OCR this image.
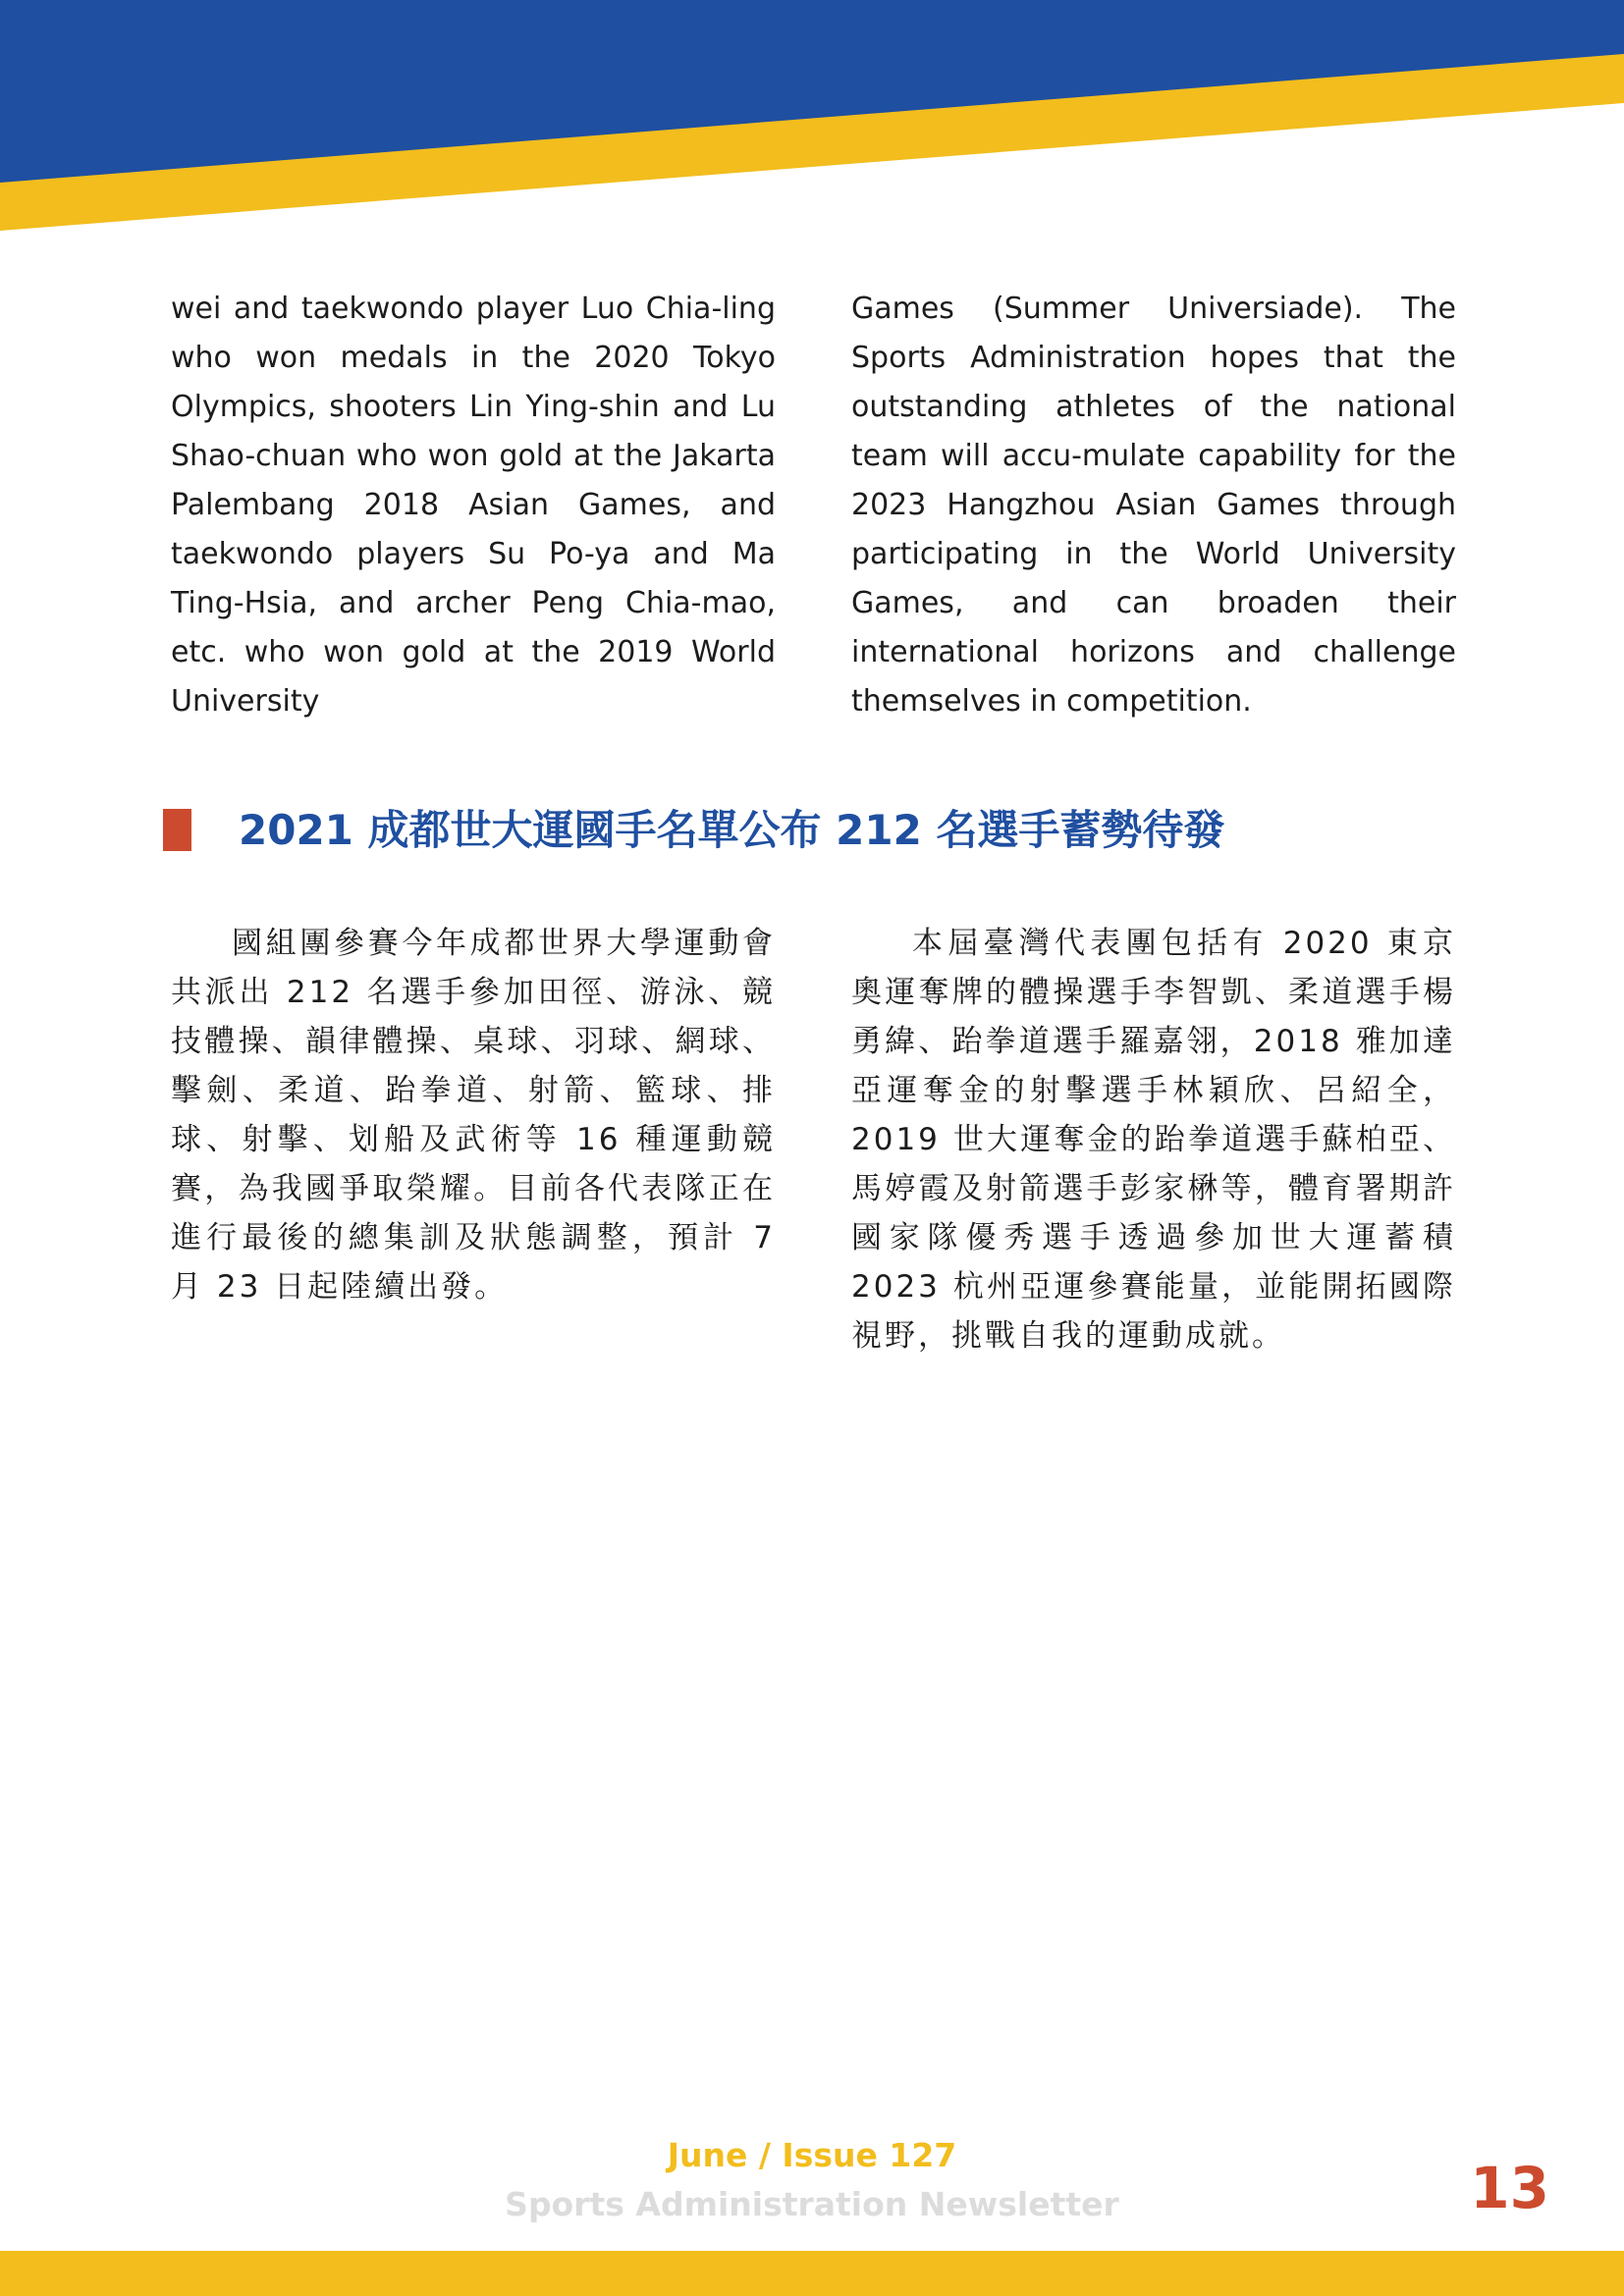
wei and taekwondo player Luo Chia-ling who won medals in the 2020 Tokyo Olympics, shooters Lin Ying-shin and Lu Shao-chuan who won gold at the Jakarta Palembang 2018 Asian Games, and taekwondo players Su Po-ya and Ma Ting-Hsia, and archer Peng Chia-mao, etc. who won gold at the 2019 World University
Games (Summer Universiade). The Sports Administration hopes that the outstanding athletes of the national team will accu-mulate capability for the 2023 Hangzhou Asian Games through participating in the World University Games, and can broaden their international horizons and challenge themselves in competition.
2021 成都世大運國手名單公布 212 名選手蓄勢待發

國組團參賽今年成都世界大學運動會共派出 212 名選手參加田徑、游泳、競技體操、韻律體操、桌球、羽球、網球、擊劍、柔道、跆拳道、射箭、籃球、排球、射擊、划船及武術等 16 種運動競賽，為我國爭取榮耀。目前各代表隊正在進行最後的總集訓及狀態調整，預計 7 月 23 日起陸續出發。

本屆臺灣代表團包括有 2020 東京奧運奪牌的體操選手李智凱、柔道選手楊勇緯、跆拳道選手羅嘉翎，2018 雅加達亞運奪金的射擊選手林穎欣、呂紹全，2019 世大運奪金的跆拳道選手蘇柏亞、馬婷霞及射箭選手彭家楙等，體育署期許國家隊優秀選手透過參加世大運蓄積2023 杭州亞運參賽能量，並能開拓國際視野，挑戰自我的運動成就。

June / Issue 127
Sports Administration Newsletter	13
